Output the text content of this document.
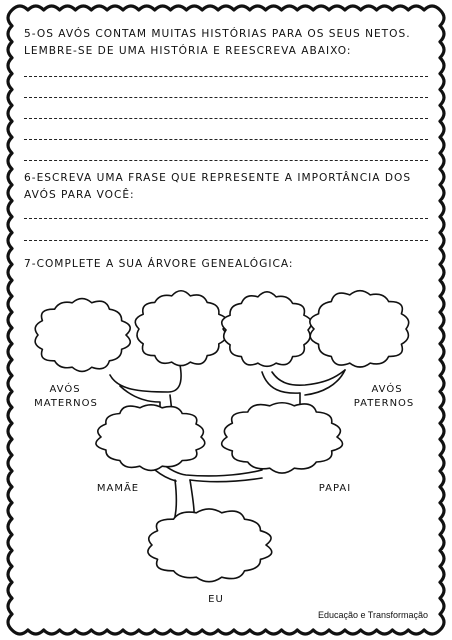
5-OS AVÓS CONTAM MUITAS HISTÓRIAS PARA OS SEUS NETOS.
LEMBRE-SE DE UMA HISTÓRIA E REESCREVA ABAIXO:
6-ESCREVA UMA FRASE QUE REPRESENTE A IMPORTÂNCIA DOS
AVÓS PARA VOCÊ:
7-COMPLETE A SUA ÁRVORE GENEALÓGICA:
AVÓS
MATERNOS
AVÓS
PATERNOS
MAMÃE	PAPAI
EU
Educação e Transformação
